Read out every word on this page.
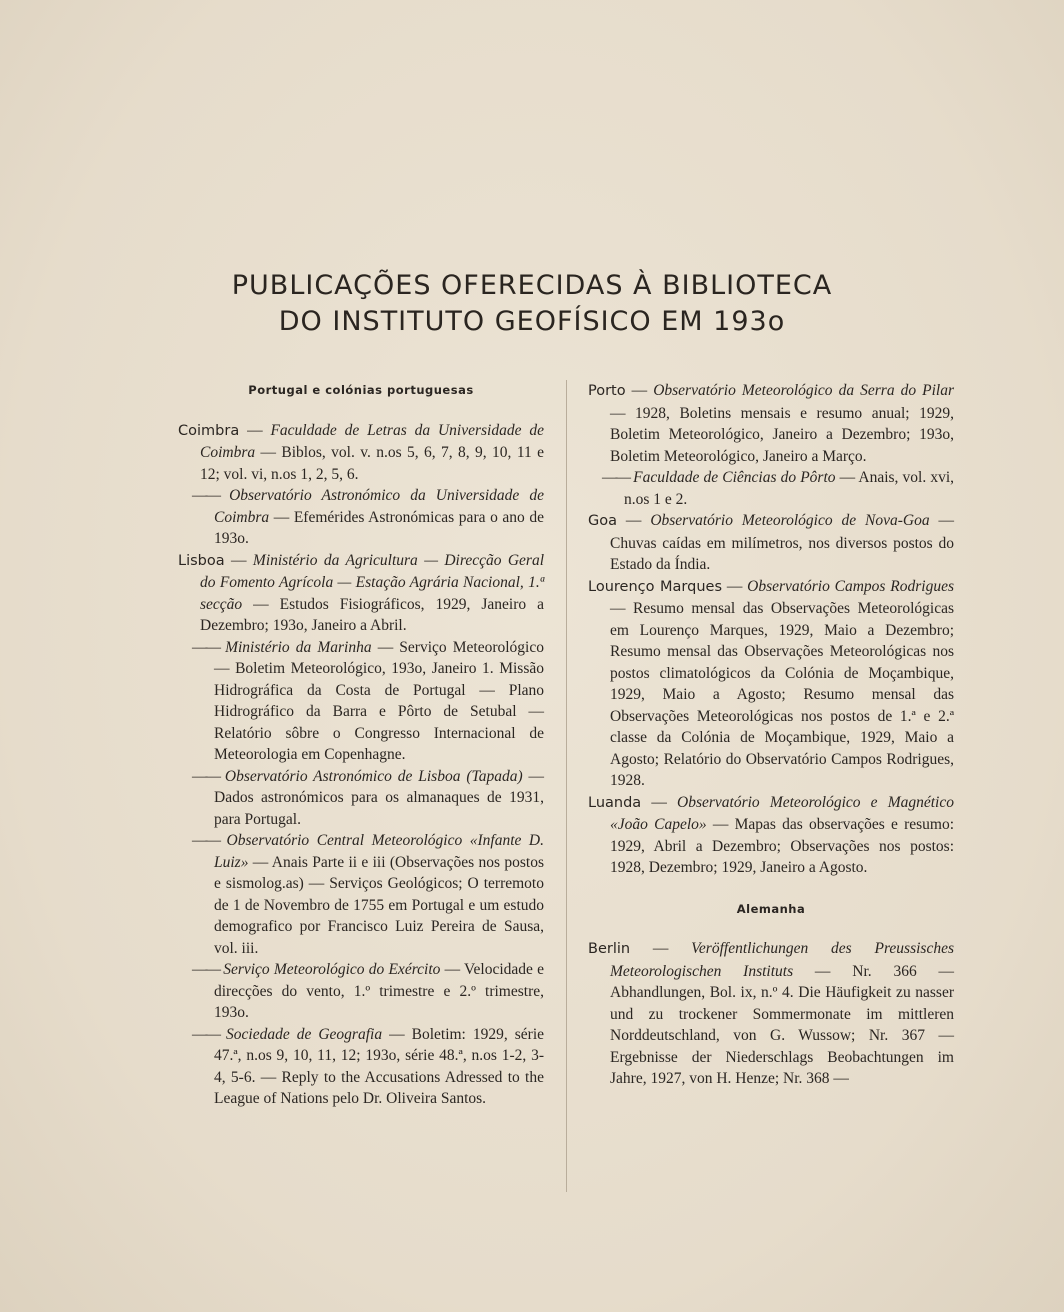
PUBLICAÇÕES OFERECIDAS À BIBLIOTECA
DO INSTITUTO GEOFÍSICO EM 193o
Portugal e colónias portuguesas

Coimbra — Faculdade de Letras da Universidade de Coimbra — Biblos, vol. v. n.os 5, 6, 7, 8, 9, 10, 11 e 12; vol. vi, n.os 1, 2, 5, 6.

—— Observatório Astronómico da Universidade de Coimbra — Efemérides Astronómicas para o ano de 193o.

Lisboa — Ministério da Agricultura — Direcção Geral do Fomento Agrícola — Estação Agrária Nacional, 1.ª secção — Estudos Fisiográficos, 1929, Janeiro a Dezembro; 193o, Janeiro a Abril.

—— Ministério da Marinha — Serviço Meteorológico — Boletim Meteorológico, 193o, Janeiro 1. Missão Hidrográfica da Costa de Portugal — Plano Hidrográfico da Barra e Pôrto de Setubal — Relatório sôbre o Congresso Internacional de Meteorologia em Copenhagne.

—— Observatório Astronómico de Lisboa (Tapada) — Dados astronómicos para os almanaques de 1931, para Portugal.

—— Observatório Central Meteorológico «Infante D. Luiz» — Anais Parte ii e iii (Observações nos postos e sismolog.as) — Serviços Geológicos; O terremoto de 1 de Novembro de 1755 em Portugal e um estudo demografico por Francisco Luiz Pereira de Sausa, vol. iii.

—— Serviço Meteorológico do Exército — Velocidade e direcções do vento, 1.º trimestre e 2.º trimestre, 193o.

—— Sociedade de Geografia — Boletim: 1929, série 47.ª, n.os 9, 10, 11, 12; 193o, série 48.ª, n.os 1-2, 3-4, 5-6. — Reply to the Accusations Adressed to the League of Nations pelo Dr. Oliveira Santos.

Porto — Observatório Meteorológico da Serra do Pilar — 1928, Boletins mensais e resumo anual; 1929, Boletim Meteorológico, Janeiro a Dezembro; 193o, Boletim Meteorológico, Janeiro a Março.

—— Faculdade de Ciências do Pôrto — Anais, vol. xvi, n.os 1 e 2.

Goa — Observatório Meteorológico de Nova-Goa — Chuvas caídas em milímetros, nos diversos postos do Estado da Índia.

Lourenço Marques — Observatório Campos Rodrigues — Resumo mensal das Observações Meteorológicas em Lourenço Marques, 1929, Maio a Dezembro; Resumo mensal das Observações Meteorológicas nos postos climatológicos da Colónia de Moçambique, 1929, Maio a Agosto; Resumo mensal das Observações Meteorológicas nos postos de 1.ª e 2.ª classe da Colónia de Moçambique, 1929, Maio a Agosto; Relatório do Observatório Campos Rodrigues, 1928.

Luanda — Observatório Meteorológico e Magnético «João Capelo» — Mapas das observações e resumo: 1929, Abril a Dezembro; Observações nos postos: 1928, Dezembro; 1929, Janeiro a Agosto.

Alemanha

Berlin — Veröffentlichungen des Preussisches Meteorologischen Instituts — Nr. 366 — Abhandlungen, Bol. ix, n.º 4. Die Häufigkeit zu nasser und zu trockener Sommermonate im mittleren Norddeutschland, von G. Wussow; Nr. 367 — Ergebnisse der Niederschlags Beobachtungen im Jahre, 1927, von H. Henze; Nr. 368 —
